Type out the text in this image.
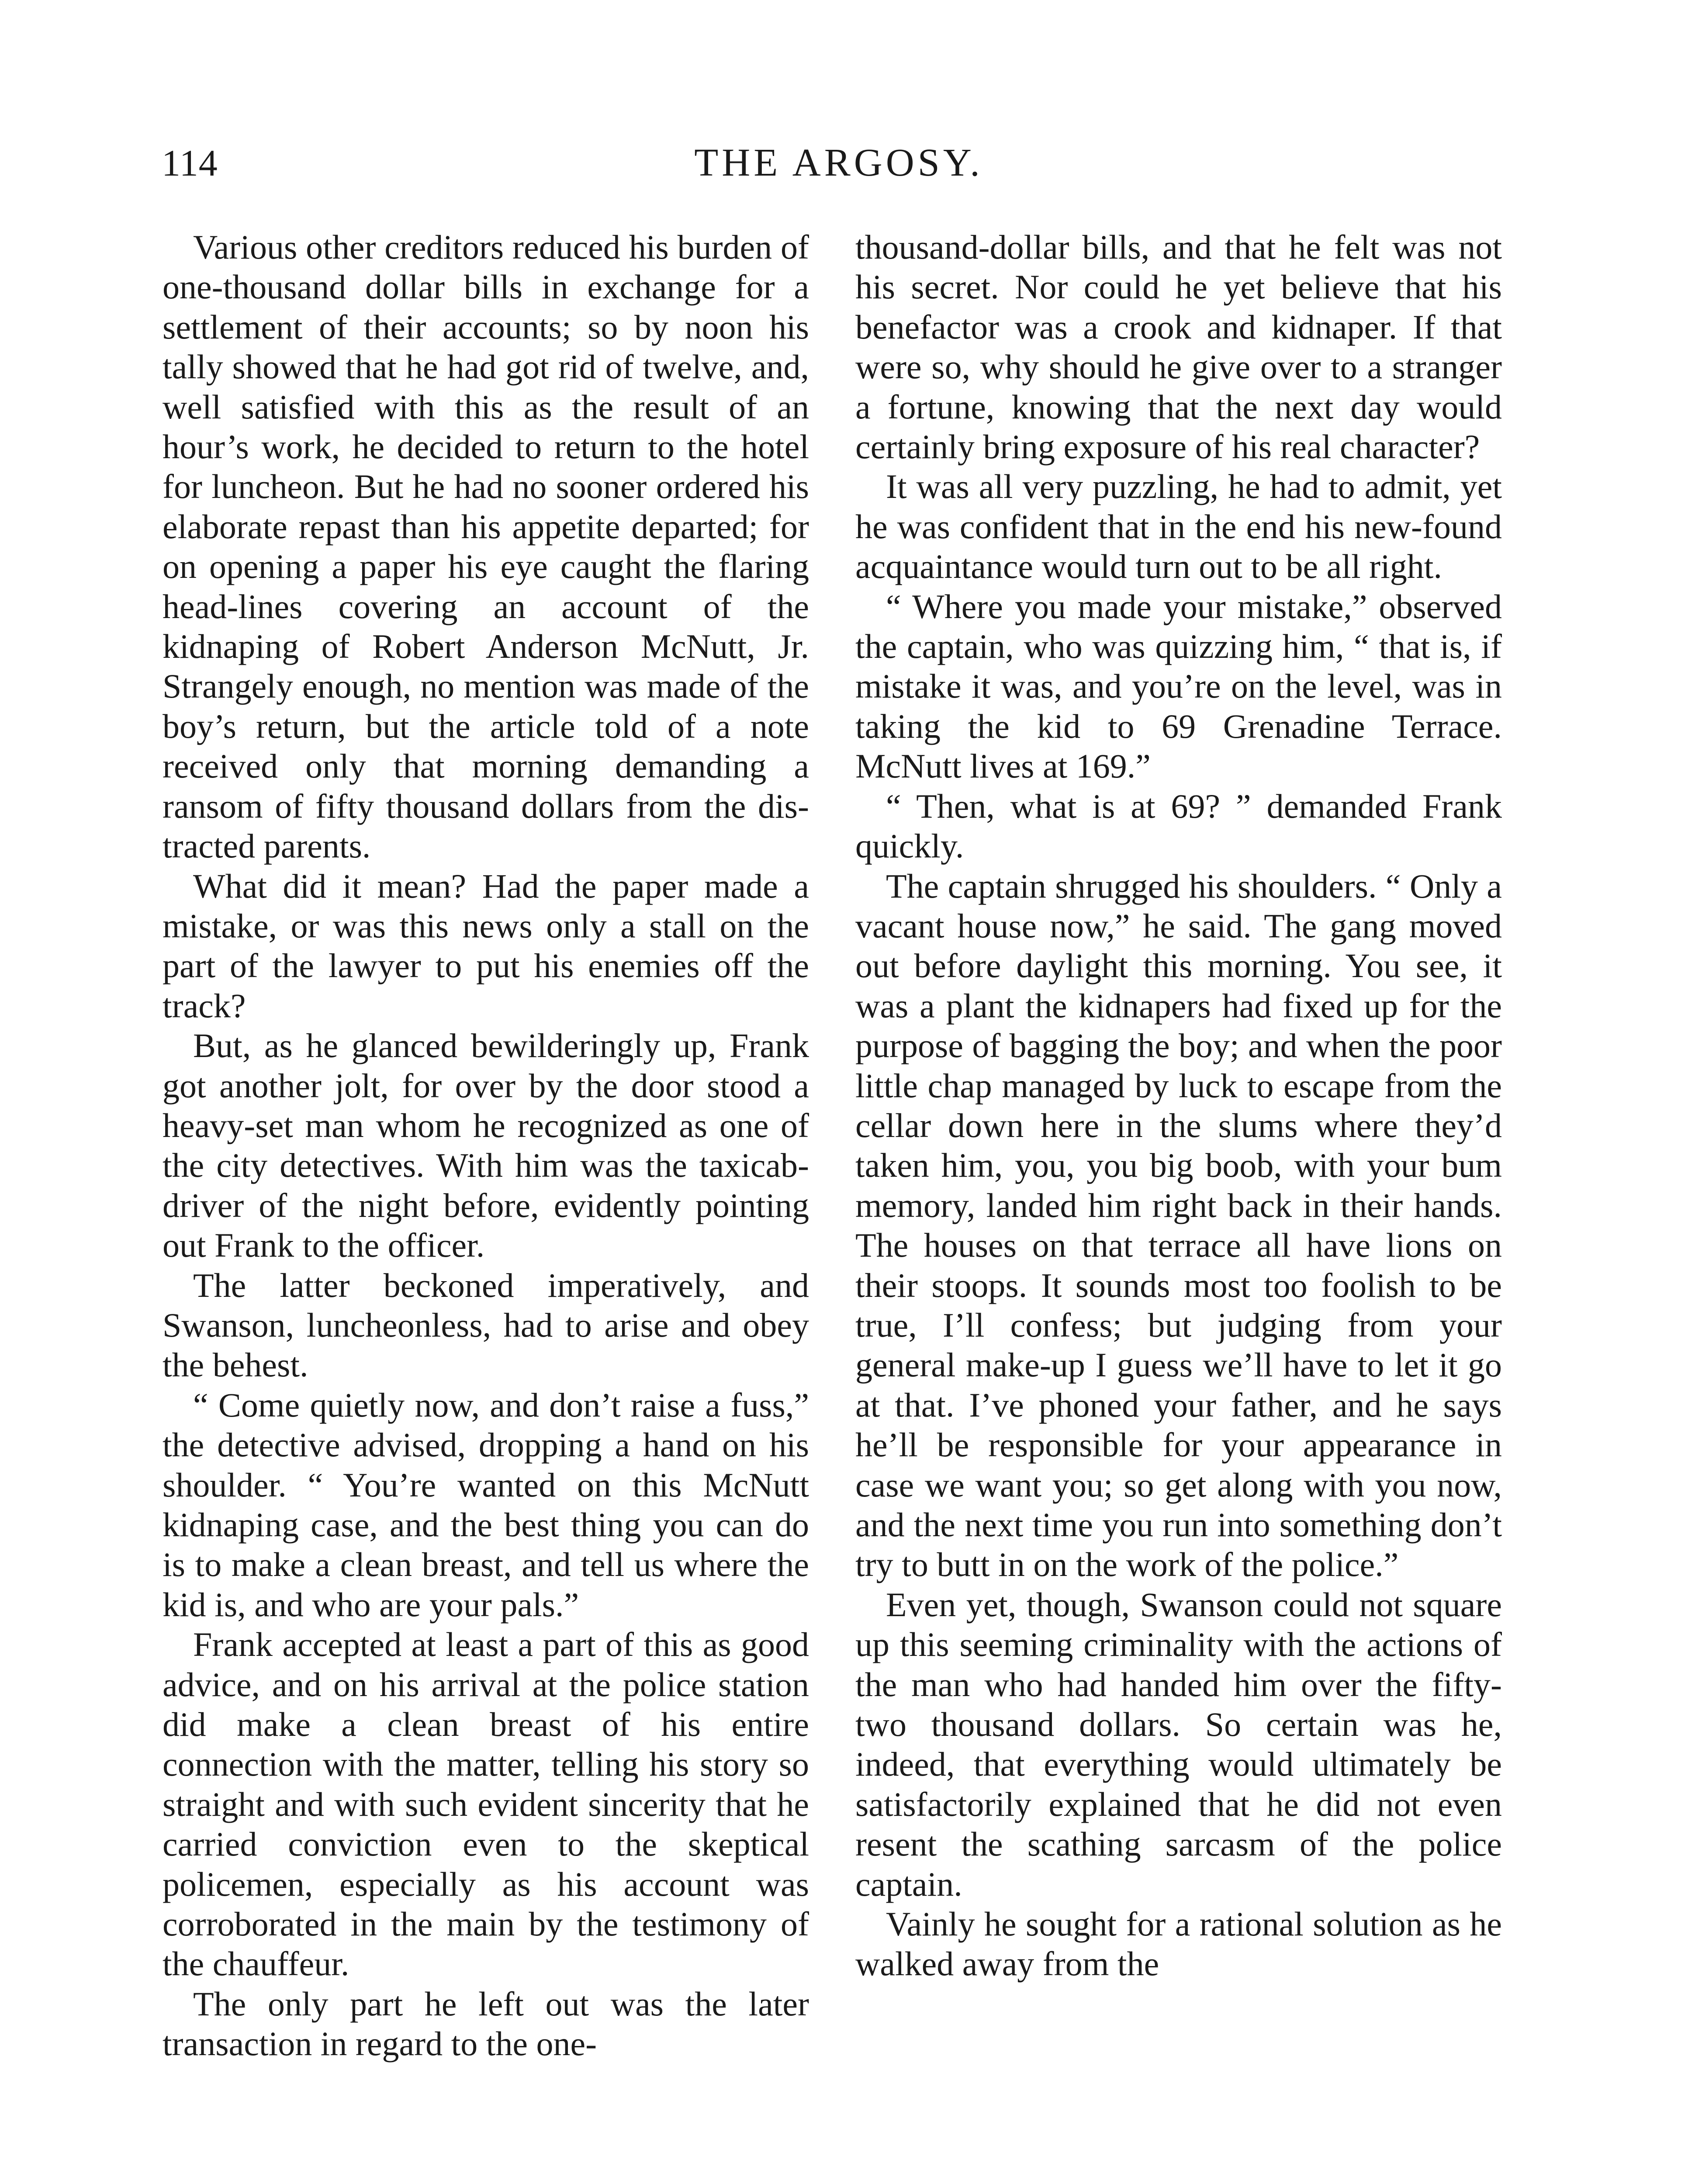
114	THE ARGOSY.

Various other creditors reduced his burden of one-thousand dollar bills in exchange for a settlement of their accounts; so by noon his tally showed that he had got rid of twelve, and, well satisfied with this as the result of an hour’s work, he decided to return to the hotel for luncheon. But he had no sooner ordered his elaborate repast than his appetite departed; for on opening a paper his eye caught the flaring head-lines covering an account of the kidnaping of Robert Anderson McNutt, Jr. Strangely enough, no mention was made of the boy’s return, but the article told of a note received only that morning demanding a ransom of fifty thousand dollars from the distracted parents.

What did it mean? Had the paper made a mistake, or was this news only a stall on the part of the lawyer to put his enemies off the track?

But, as he glanced bewilderingly up, Frank got another jolt, for over by the door stood a heavy-set man whom he recognized as one of the city detectives. With him was the taxicab-driver of the night before, evidently pointing out Frank to the officer.

The latter beckoned imperatively, and Swanson, luncheonless, had to arise and obey the behest.

“ Come quietly now, and don’t raise a fuss,” the detective advised, dropping a hand on his shoulder. “ You’re wanted on this McNutt kidnaping case, and the best thing you can do is to make a clean breast, and tell us where the kid is, and who are your pals.”

Frank accepted at least a part of this as good advice, and on his arrival at the police station did make a clean breast of his entire connection with the matter, telling his story so straight and with such evident sincerity that he carried conviction even to the skeptical policemen, especially as his account was corroborated in the main by the testimony of the chauffeur.

The only part he left out was the later transaction in regard to the one-

thousand-dollar bills, and that he felt was not his secret. Nor could he yet believe that his benefactor was a crook and kidnaper. If that were so, why should he give over to a stranger a fortune, knowing that the next day would certainly bring exposure of his real character?

It was all very puzzling, he had to admit, yet he was confident that in the end his new-found acquaintance would turn out to be all right.

“ Where you made your mistake,” observed the captain, who was quizzing him, “ that is, if mistake it was, and you’re on the level, was in taking the kid to 69 Grenadine Terrace. McNutt lives at 169.”

“ Then, what is at 69? ” demanded Frank quickly.

The captain shrugged his shoulders. “ Only a vacant house now,” he said. The gang moved out before daylight this morning. You see, it was a plant the kidnapers had fixed up for the purpose of bagging the boy; and when the poor little chap managed by luck to escape from the cellar down here in the slums where they’d taken him, you, you big boob, with your bum memory, landed him right back in their hands. The houses on that terrace all have lions on their stoops. It sounds most too foolish to be true, I’ll confess; but judging from your general make-up I guess we’ll have to let it go at that. I’ve phoned your father, and he says he’ll be responsible for your appearance in case we want you; so get along with you now, and the next time you run into something don’t try to butt in on the work of the police.”

Even yet, though, Swanson could not square up this seeming criminality with the actions of the man who had handed him over the fifty-two thousand dollars. So certain was he, indeed, that everything would ultimately be satisfactorily explained that he did not even resent the scathing sarcasm of the police captain.

Vainly he sought for a rational solution as he walked away from the
